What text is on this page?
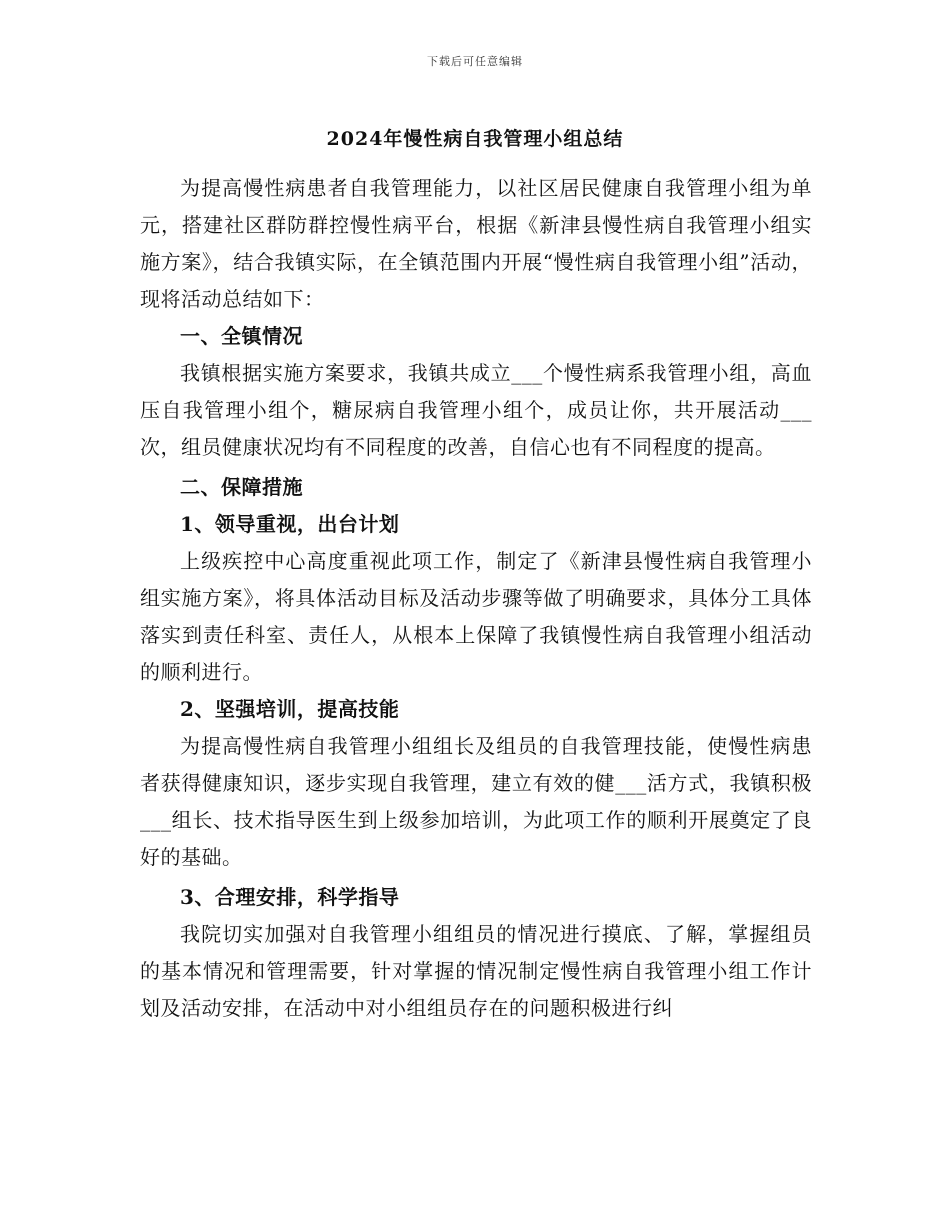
下载后可任意编辑
2024年慢性病自我管理小组总结

为提高慢性病患者自我管理能力，以社区居民健康自我管理小组为单元，搭建社区群防群控慢性病平台，根据《新津县慢性病自我管理小组实施方案》，结合我镇实际，在全镇范围内开展“慢性病自我管理小组”活动，现将活动总结如下：

一、全镇情况

我镇根据实施方案要求，我镇共成立___个慢性病系我管理小组，高血压自我管理小组个，糖尿病自我管理小组个，成员让你，共开展活动___次，组员健康状况均有不同程度的改善，自信心也有不同程度的提高。

二、保障措施

1、领导重视，出台计划

上级疾控中心高度重视此项工作，制定了《新津县慢性病自我管理小组实施方案》，将具体活动目标及活动步骤等做了明确要求，具体分工具体落实到责任科室、责任人，从根本上保障了我镇慢性病自我管理小组活动的顺利进行。

2、坚强培训，提高技能

为提高慢性病自我管理小组组长及组员的自我管理技能，使慢性病患者获得健康知识，逐步实现自我管理，建立有效的健___活方式，我镇积极___组长、技术指导医生到上级参加培训，为此项工作的顺利开展奠定了良好的基础。

3、合理安排，科学指导

我院切实加强对自我管理小组组员的情况进行摸底、了解，掌握组员的基本情况和管理需要，针对掌握的情况制定慢性病自我管理小组工作计划及活动安排，在活动中对小组组员存在的问题积极进行纠
